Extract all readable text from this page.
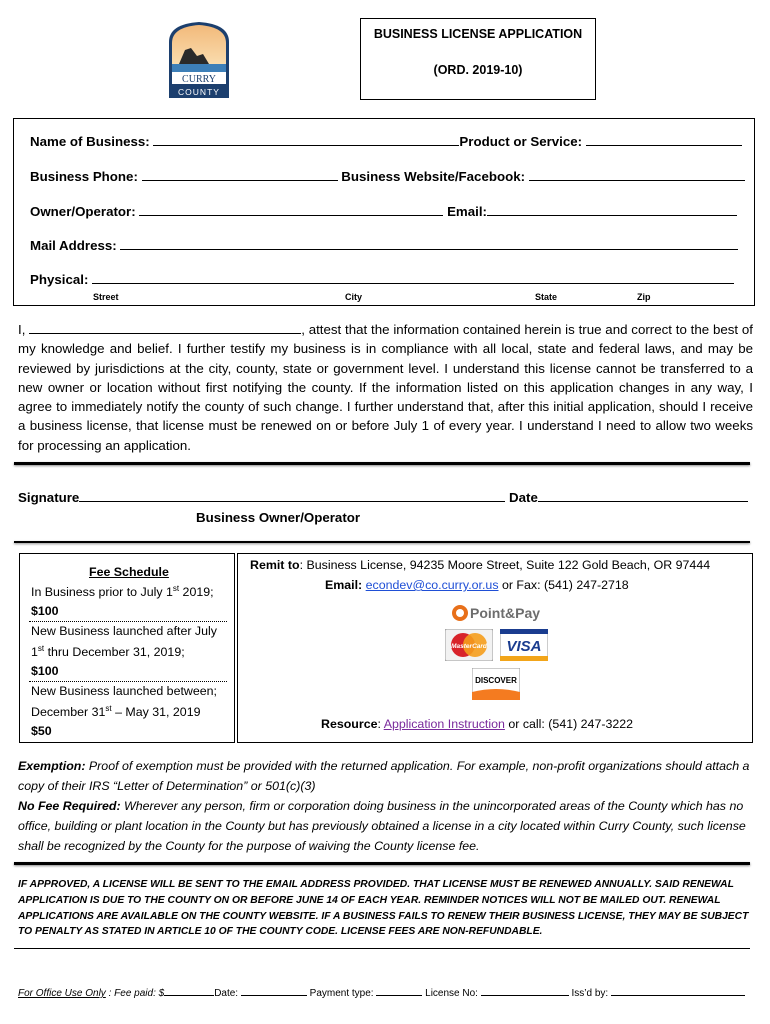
CURRY
COUNTY
BUSINESS LICENSE APPLICATION
(ORD. 2019-10)
Name of Business:	Product or Service:
Business Phone:	Business Website/Facebook:
Owner/Operator:	Email:
Mail Address:
Physical:
Street	City	State	Zip
I,	, attest that the information contained herein is true and correct to the best of my knowledge and belief. I further testify my business is in compliance with all local, state and federal laws, and may be reviewed by jurisdictions at the city, county, state or government level. I understand this license cannot be transferred to a new owner or location without first notifying the county. If the information listed on this application changes in any way, I agree to immediately notify the county of such change. I further understand that, after this initial application, should I receive a business license, that license must be renewed on or before July 1 of every year. I understand I need to allow two weeks for processing an application.
Signature	Date
Business Owner/Operator
Fee Schedule
In Business prior to July 1st 2019;
$100
New Business launched after July
1st thru December 31, 2019;
$100
New Business launched between;
December 31st – May 31, 2019
$50
Remit to: Business License, 94235 Moore Street, Suite 122 Gold Beach, OR 97444
Email: econdev@co.curry.or.us or Fax: (541) 247-2718
Point&Pay
MasterCard VISA
DISCOVER
Resource: Application Instruction or call: (541) 247-3222
Exemption: Proof of exemption must be provided with the returned application. For example, non-profit organizations should attach a copy of their IRS “Letter of Determination” or 501(c)(3)
No Fee Required: Wherever any person, firm or corporation doing business in the unincorporated areas of the County which has no office, building or plant location in the County but has previously obtained a license in a city located within Curry County, such license shall be recognized by the County for the purpose of waiving the County license fee.
IF APPROVED, A LICENSE WILL BE SENT TO THE EMAIL ADDRESS PROVIDED. THAT LICENSE MUST BE RENEWED ANNUALLY. SAID RENEWAL APPLICATION IS DUE TO THE COUNTY ON OR BEFORE JUNE 14 OF EACH YEAR. REMINDER NOTICES WILL NOT BE MAILED OUT. RENEWAL APPLICATIONS ARE AVAILABLE ON THE COUNTY WEBSITE. IF A BUSINESS FAILS TO RENEW THEIR BUSINESS LICENSE, THEY MAY BE SUBJECT TO PENALTY AS STATED IN ARTICLE 10 OF THE COUNTY CODE. LICENSE FEES ARE NON-REFUNDABLE.
For Office Use Only : Fee paid: $	Date:	Payment type:	License No:	Iss’d by:
